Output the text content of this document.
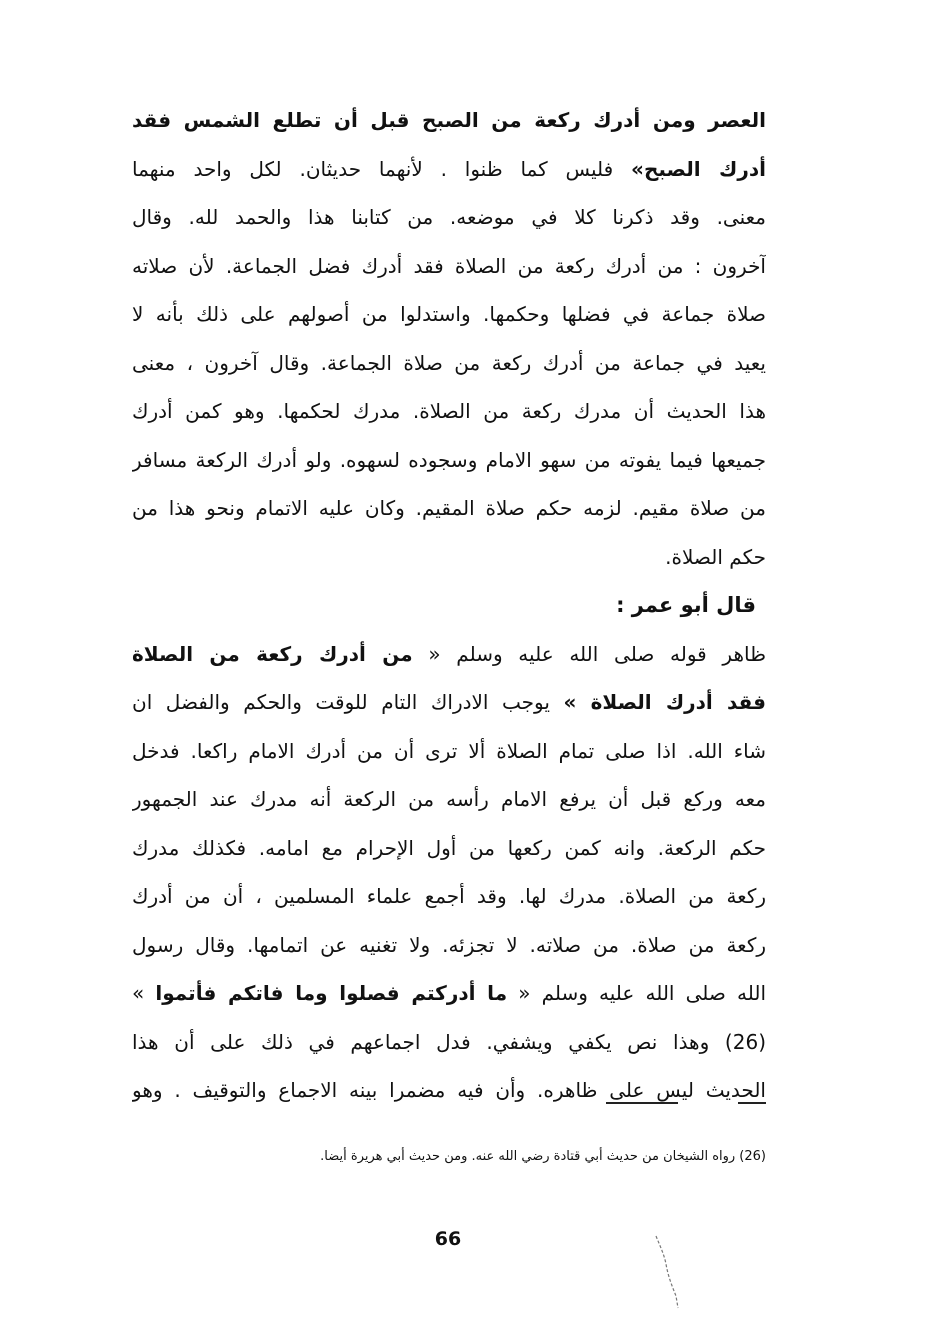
العصر ومن أدرك ركعة من الصبح قبل أن تطلع الشمس فقد
أدرك الصبح» فليس كما ظنوا . لأنهما حديثان. لكل واحد منهما
معنى. وقد ذكرنا كلا في موضعه. من كتابنا هذا والحمد لله. وقال
آخرون : من أدرك ركعة من الصلاة فقد أدرك فضل الجماعة. لأن صلاته
صلاة جماعة في فضلها وحكمها. واستدلوا من أصولهم على ذلك بأنه لا
يعيد في جماعة من أدرك ركعة من صلاة الجماعة. وقال آخرون ، معنى
هذا الحديث أن مدرك ركعة من الصلاة. مدرك لحكمها. وهو كمن أدرك
جميعها فيما يفوته من سهو الامام وسجوده لسهوه. ولو أدرك الركعة مسافر
من صلاة مقيم. لزمه حكم صلاة المقيم. وكان عليه الاتمام ونحو هذا من
حكم الصلاة.
قال أبو عمر :
ظاهر قوله صلى الله عليه وسلم « من أدرك ركعة من الصلاة
فقد أدرك الصلاة » يوجب الادراك التام للوقت والحكم والفضل ان
شاء الله. اذا صلى تمام الصلاة ألا ترى أن من أدرك الامام راكعا. فدخل
معه وركع قبل أن يرفع الامام رأسه من الركعة أنه مدرك عند الجمهور
حكم الركعة. وانه كمن ركعها من أول الإحرام مع امامه. فكذلك مدرك
ركعة من الصلاة. مدرك لها. وقد أجمع علماء المسلمين ، أن من أدرك
ركعة من صلاة. من صلاته. لا تجزئه. ولا تغنيه عن اتمامها. وقال رسول
الله صلى الله عليه وسلم « ما أدركتم فصلوا وما فاتكم فأتموا »
(26) وهذا نص يكفي ويشفي. فدل اجماعهم في ذلك على أن هذا
الحديث ليس على ظاهره. وأن فيه مضمرا بينه الاجماع والتوقيف . وهو
(26) رواه الشيخان من حديث أبي قتادة رضي الله عنه. ومن حديث أبي هريرة أيضا.
66
